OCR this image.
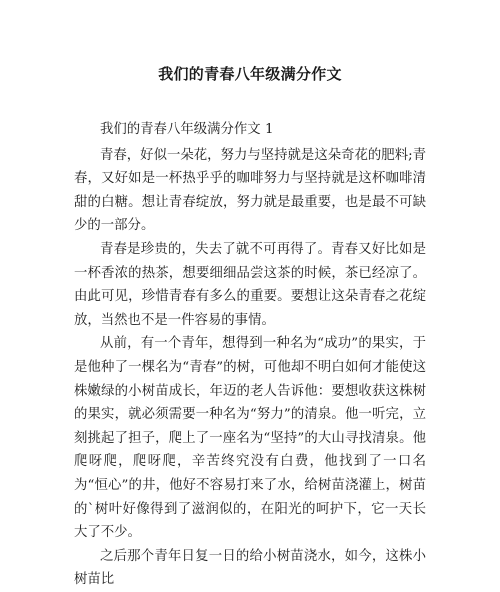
我们的青春八年级满分作文

我们的青春八年级满分作文 1

青春，好似一朵花，努力与坚持就是这朵奇花的肥料;青春，又好如是一杯热乎乎的咖啡努力与坚持就是这杯咖啡清甜的白糖。想让青春绽放，努力就是最重要，也是最不可缺少的一部分。

青春是珍贵的，失去了就不可再得了。青春又好比如是一杯香浓的热茶，想要细细品尝这茶的时候，茶已经凉了。由此可见，珍惜青春有多么的重要。要想让这朵青春之花绽放，当然也不是一件容易的事情。

从前，有一个青年，想得到一种名为“成功”的果实，于是他种了一棵名为“青春”的树，可他却不明白如何才能使这株嫩绿的小树苗成长，年迈的老人告诉他：要想收获这株树的果实，就必须需要一种名为“努力”的清泉。他一听完，立刻挑起了担子，爬上了一座名为“坚持”的大山寻找清泉。他爬呀爬，爬呀爬，辛苦终究没有白费，他找到了一口名为“恒心”的井，他好不容易打来了水，给树苗浇灌上，树苗的`树叶好像得到了滋润似的，在阳光的呵护下，它一天长大了不少。

之后那个青年日复一日的给小树苗浇水，如今，这株小树苗比
